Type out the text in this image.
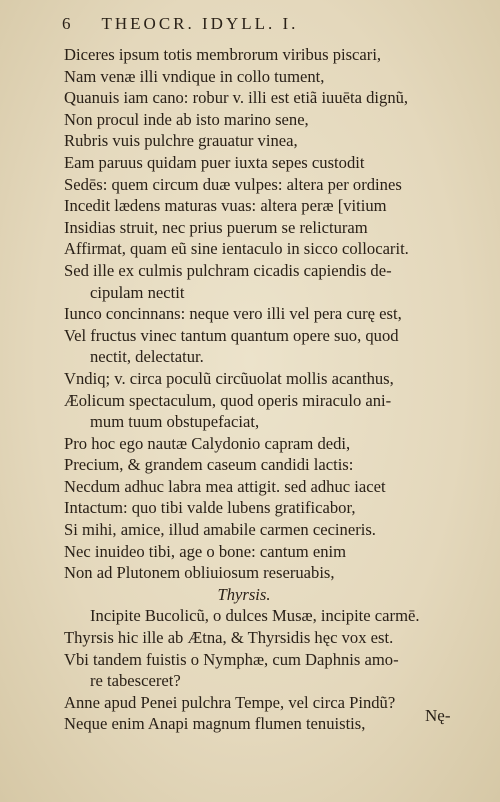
6 THEOCR. IDYLL. I.
Diceres ipsum totis membrorum viribus piscari,
Nam venæ illi vndique in collo tument,
Quanuis iam cano: robur v. illi est etiã iuuēta dignũ,
Non procul inde ab isto marino sene,
Rubris vuis pulchre grauatur vinea,
Eam paruus quidam puer iuxta sepes custodit
Sedēs: quem circum duæ vulpes: altera per ordines
Incedit lædens maturas vuas: altera peræ [vitium
Insidias struit, nec prius puerum se relicturam
Affirmat, quam eũ sine ientaculo in sicco collocarit.
Sed ille ex culmis pulchram cicadis capiendis de-
cipulam nectit
Iunco concinnans: neque vero illi vel pera curę est,
Vel fructus vinec tantum quantum opere suo, quod
nectit, delectatur.
Vndiq; v. circa poculũ circũuolat mollis acanthus,
Æolicum spectaculum, quod operis miraculo ani-
mum tuum obstupefaciat,
Pro hoc ego nautæ Calydonio capram dedi,
Precium, & grandem caseum candidi lactis:
Necdum adhuc labra mea attigit. sed adhuc iacet
Intactum: quo tibi valde lubens gratificabor,
Si mihi, amice, illud amabile carmen cecineris.
Nec inuideo tibi, age o bone: cantum enim
Non ad Plutonem obliuiosum reseruabis,
Thyrsis.
Incipite Bucolicũ, o dulces Musæ, incipite carmē.
Thyrsis hic ille ab Ætna, & Thyrsidis hęc vox est.
Vbi tandem fuistis o Nymphæ, cum Daphnis amo-
re tabesceret?
Anne apud Penei pulchra Tempe, vel circa Pindũ?
Neque enim Anapi magnum flumen tenuistis,	Nę-
